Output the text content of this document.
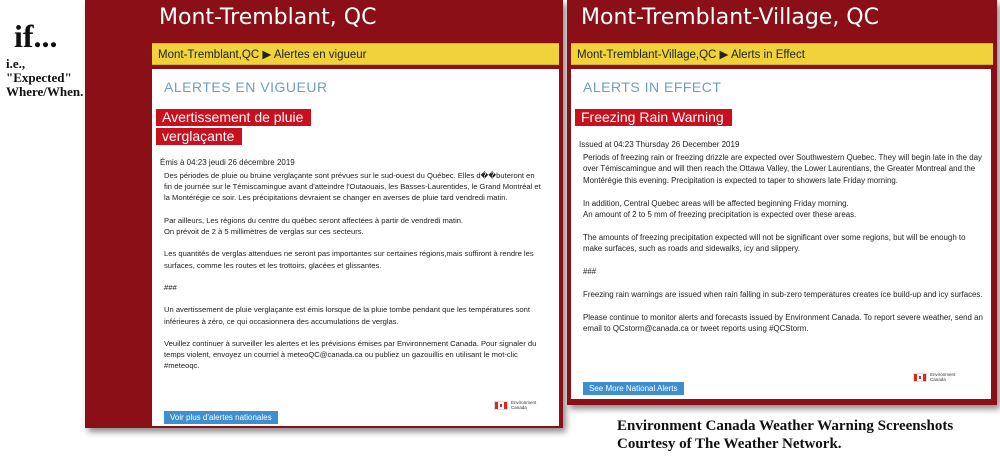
if...
i.e.,
"Expected"
Where/When.
Mont-Tremblant, QC
Mont-Tremblant,QC ▶ Alertes en vigueur
ALERTES EN VIGUEUR
Avertissement de pluie
verglaçante
Émis à 04:23 jeudi 26 décembre 2019

Des périodes de pluie ou bruine verglaçante sont prévues sur le sud-ouest du Québec. Elles d��buteront en fin de journée sur le Témiscamingue avant d'atteindre l'Outaouais, les Basses-Laurentides, le Grand Montréal et la Montérégie ce soir. Les précipitations devraient se changer en averses de pluie tard vendredi matin.

Par ailleurs, Les régions du centre du québec seront affectées à partir de vendredi matin.
On prévoit de 2 à 5 millimètres de verglas sur ces secteurs.

Les quantités de verglas attendues ne seront pas importantes sur certaines régions,mais suffiront à rendre les surfaces, comme les routes et les trottoirs, glacées et glissantes.

###

Un avertissement de pluie verglaçante est émis lorsque de la pluie tombe pendant que les températures sont inférieures à zéro, ce qui occasionnera des accumulations de verglas.

Veuillez continuer à surveiller les alertes et les prévisions émises par Environnement Canada. Pour signaler du temps violent, envoyez un courriel à meteoQC@canada.ca ou publiez un gazouillis en utilisant le mot-clic #meteoqc.

Environment Canada
Voir plus d'alertes nationales
Mont-Tremblant-Village, QC
Mont-Tremblant-Village,QC ▶ Alerts in Effect
ALERTS IN EFFECT
Freezing Rain Warning
Issued at 04:23 Thursday 26 December 2019

Periods of freezing rain or freezing drizzle are expected over Southwestern Quebec. They will begin late in the day over Témiscamingue and will then reach the Ottawa Valley, the Lower Laurentians, the Greater Montreal and the Montérégie this evening. Precipitation is expected to taper to showers late Friday morning.

In addition, Central Quebec areas will be affected beginning Friday morning.
An amount of 2 to 5 mm of freezing precipitation is expected over these areas.

The amounts of freezing precipitation expected will not be significant over some regions, but will be enough to make surfaces, such as roads and sidewalks, icy and slippery.

###

Freezing rain warnings are issued when rain falling in sub-zero temperatures creates ice build-up and icy surfaces.

Please continue to monitor alerts and forecasts issued by Environment Canada. To report severe weather, send an email to QCstorm@canada.ca or tweet reports using #QCStorm.

Environment Canada
See More National Alerts
Environment Canada Weather Warning Screenshots
Courtesy of The Weather Network.
